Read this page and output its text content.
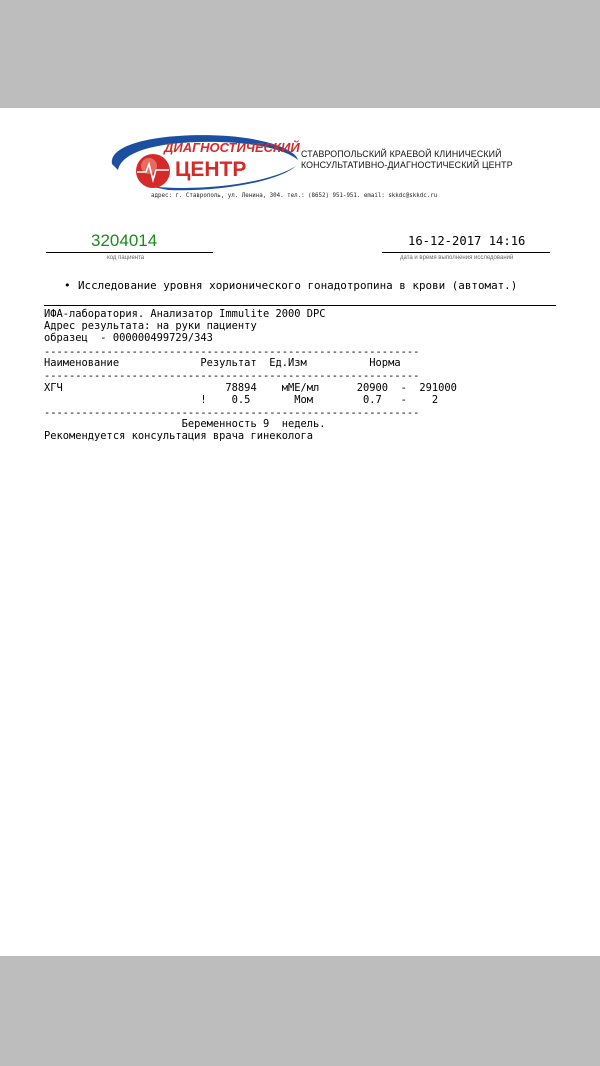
ДИАГНОСТИЧЕСКИЙ
ЦЕНТР
СТАВРОПОЛЬСКИЙ КРАЕВОЙ КЛИНИЧЕСКИЙ
КОНСУЛЬТАТИВНО-ДИАГНОСТИЧЕСКИЙ ЦЕНТР
адрес: г. Ставрополь, ул. Ленина, 304. тел.: (8652) 951-951. email: skkdc@skkdc.ru
3204014
код пациента
16-12-2017 14:16
дата и время выполнения исследований
• Исследование уровня хорионического гонадотропина в крови (автомат.)
ИФА-лаборатория. Анализатор Immulite 2000 DPC
Адрес результата: на руки пациенту
образец  - 000000499729/343
------------------------------------------------------------
Наименование             Результат  Ед.Изм          Норма
------------------------------------------------------------
ХГЧ                          78894    мМЕ/мл      20900  -  291000
!    0.5       Мом        0.7   -    2
------------------------------------------------------------
Беременность 9  недель.
Рекомендуется консультация врача гинеколога
